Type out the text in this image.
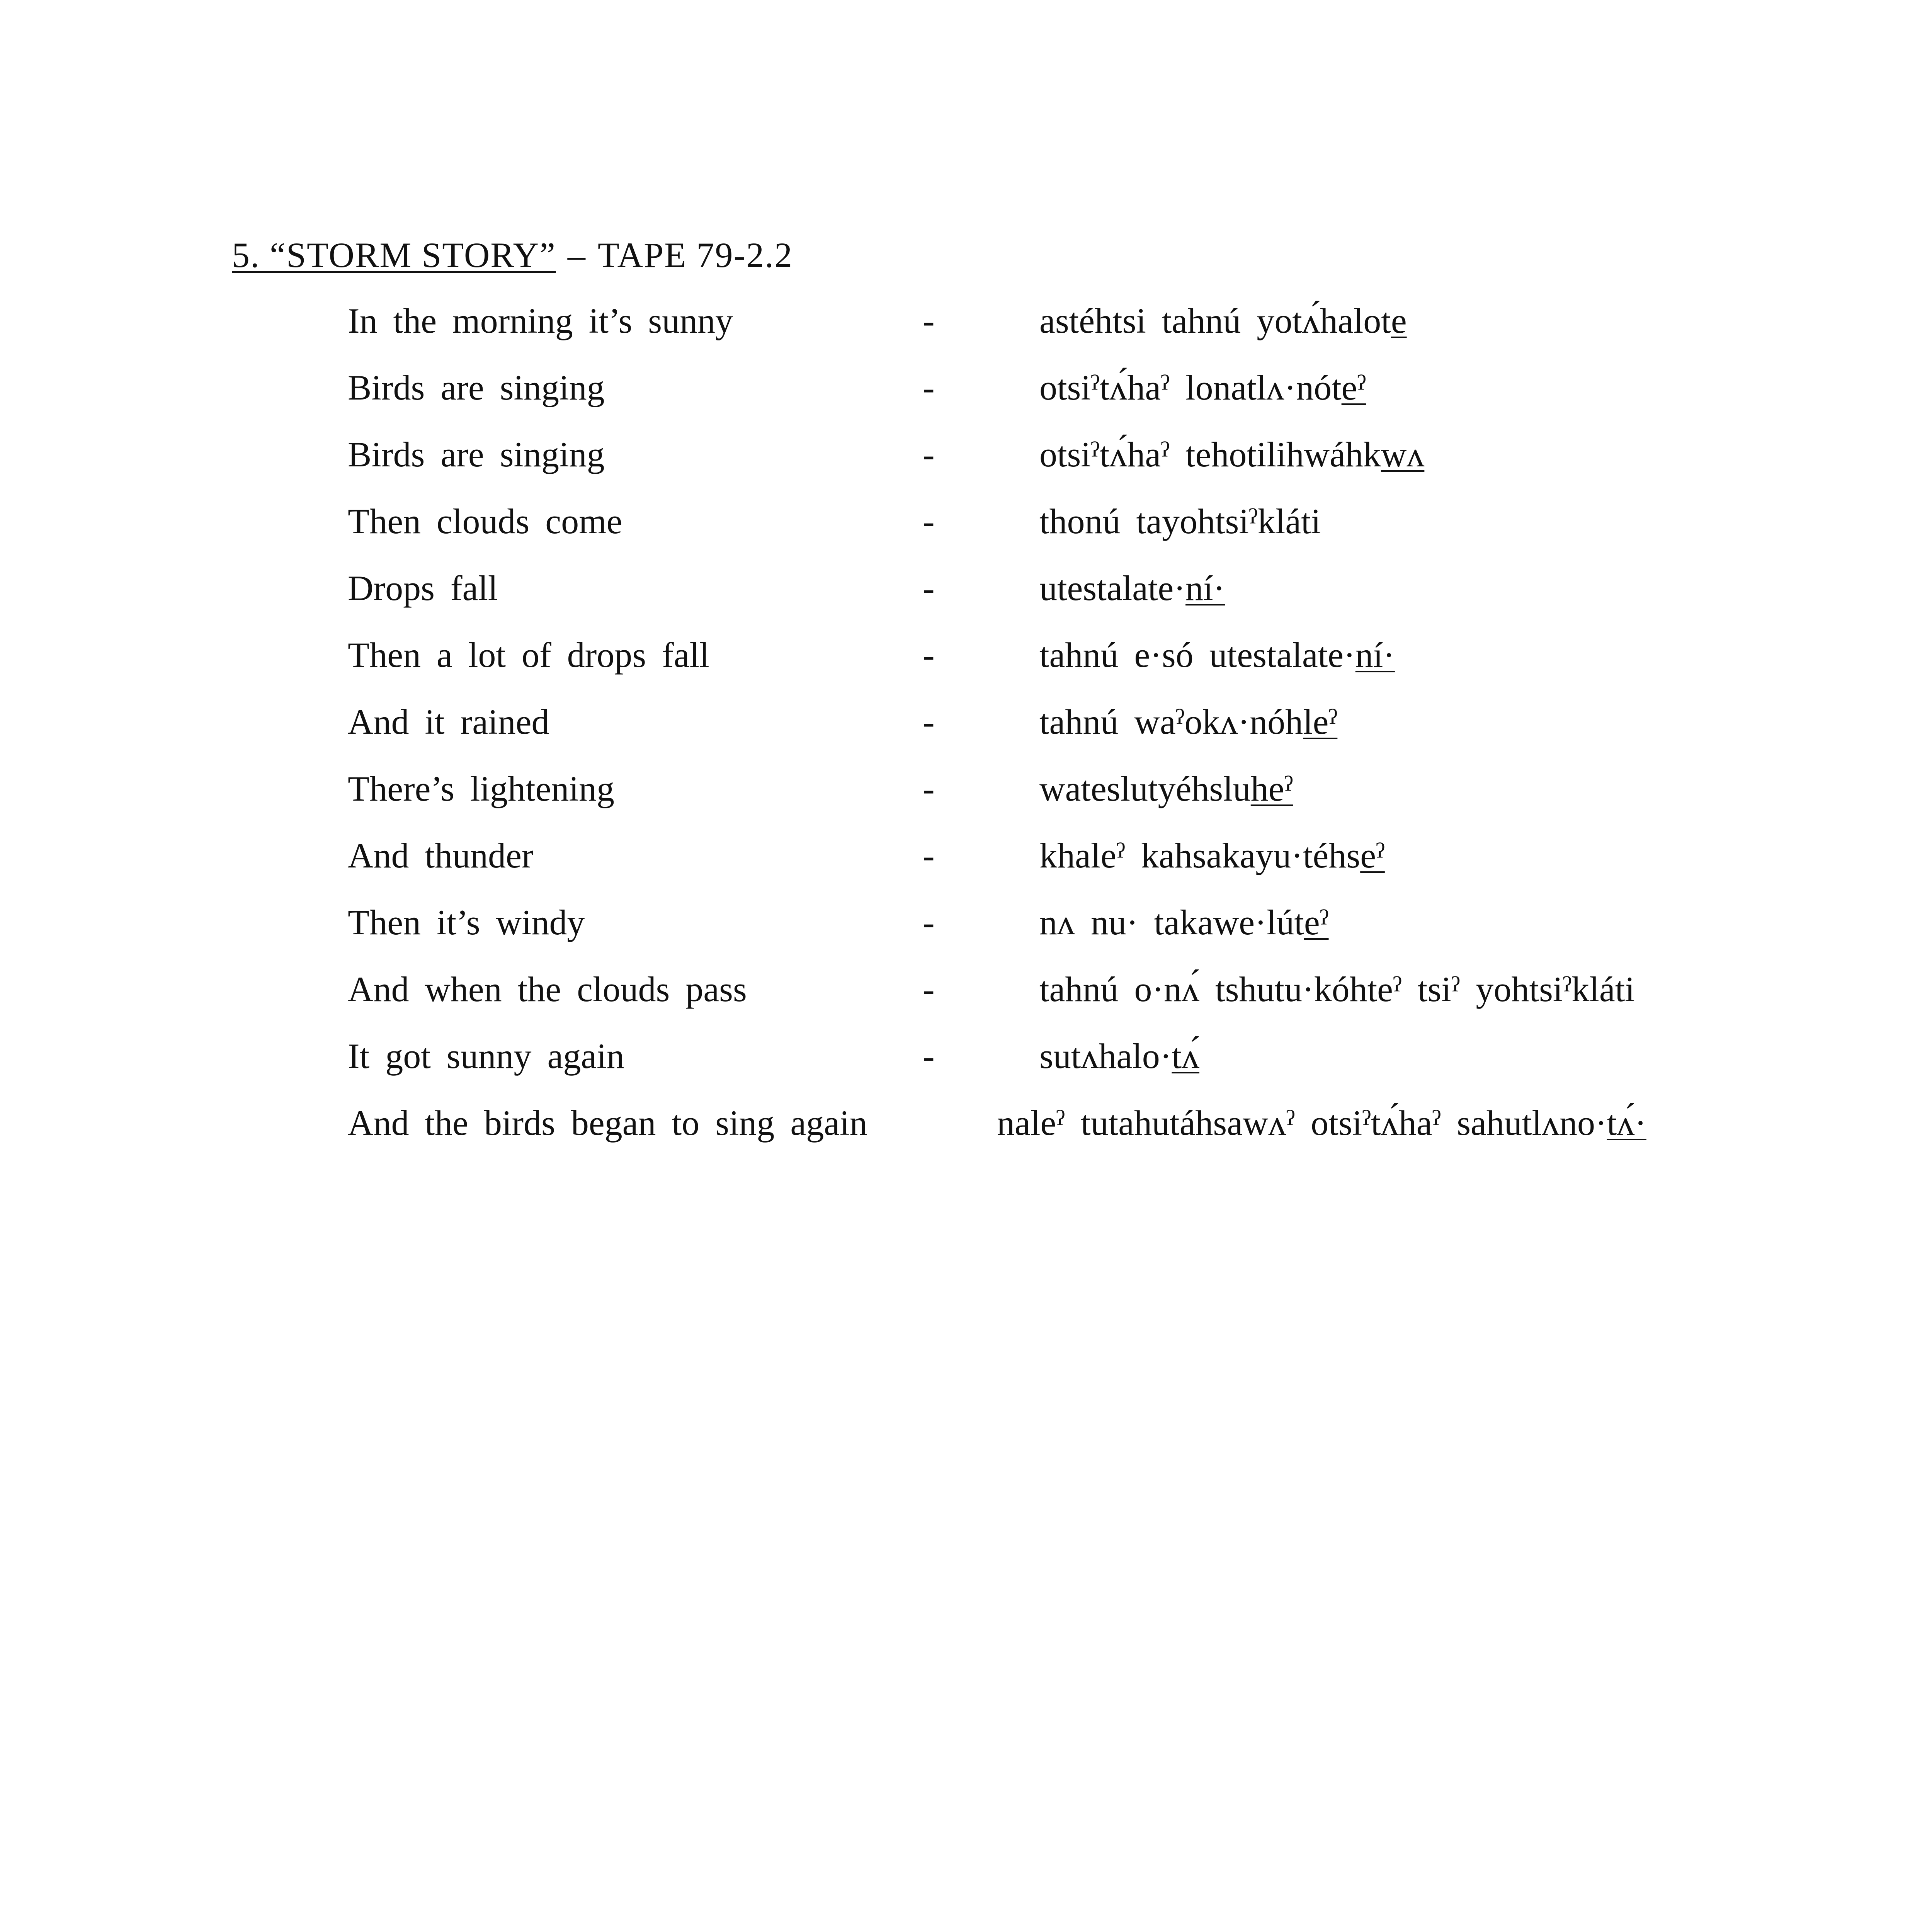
5. “STORM STORY” – TAPE 79-2.2
In the morning it’s sunny	-	astéhtsi tahnú yotʌ́halote
Birds are singing	-	otsiˀtʌ́haˀ lonatlʌ·nóteˀ
Birds are singing	-	otsiˀtʌ́haˀ tehotilihwáhkwʌ
Then clouds come	-	thonú tayohtsiˀkláti
Drops fall	-	utestalate·ní·
Then a lot of drops fall	-	tahnú e·só utestalate·ní·
And it rained	-	tahnú waˀokʌ·nóhleˀ
There’s lightening	-	wateslutyéhsluheˀ
And thunder	-	khaleˀ kahsakayu·téhseˀ
Then it’s windy	-	nʌ nu· takawe·lúteˀ
And when the clouds pass	-	tahnú o·nʌ́ tshutu·kóhteˀ tsiˀ yohtsiˀkláti
It got sunny again	-	sutʌhalo·tʌ́
And the birds began to sing again	naleˀ tutahutáhsawʌˀ otsiˀtʌ́haˀ sahutlʌno·tʌ́·
